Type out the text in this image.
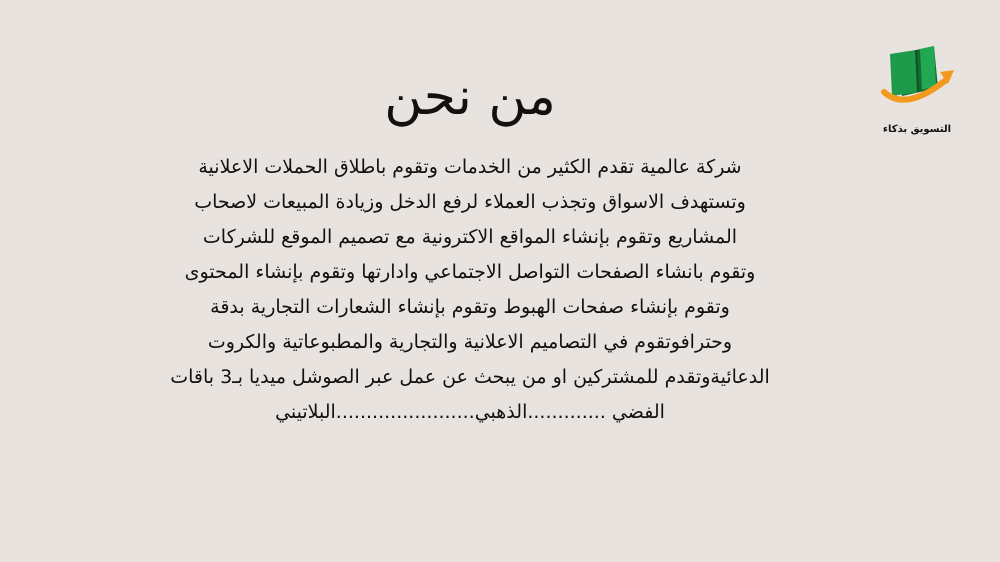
من نحن
شركة عالمية تقدم الكثير من الخدمات وتقوم باطلاق الحملات الاعلانية
وتستهدف الاسواق وتجذب العملاء لرفع الدخل وزيادة المبيعات لاصحاب
المشاريع وتقوم بإنشاء المواقع الاكترونية مع تصميم الموقع للشركات
وتقوم بانشاء الصفحات التواصل الاجتماعي وادارتها وتقوم بإنشاء المحتوى
وتقوم بإنشاء صفحات الهبوط وتقوم بإنشاء الشعارات التجارية بدقة
وحترافوتقوم في التصاميم الاعلانية والتجارية والمطبوعاتية والكروت
الدعائيةوتقدم للمشتركين او من يبحث عن عمل عبر الصوشل ميديا بـ3 باقات
الفضي .............الذهبي.......................البلاتيني
التسويق بذكاء
